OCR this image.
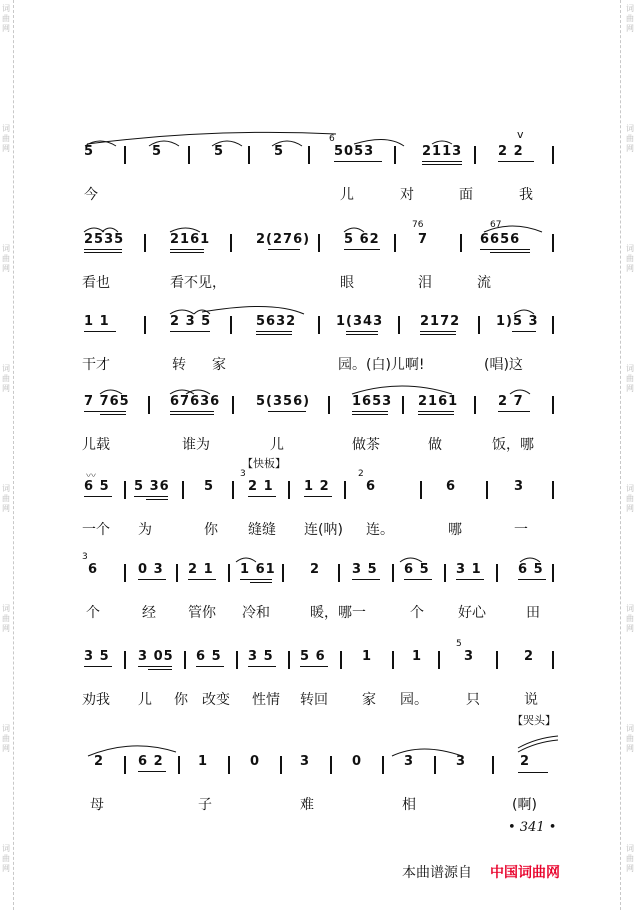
词
曲
网
词
曲
网
词
曲
网
词
曲
网
词
曲
网
词
曲
网
词
曲
网
词
曲
网
词
曲
网
词
曲
网
词
曲
网
词
曲
网
词
曲
网
词
曲
网
词
曲
网
词
曲
网
5	5	5	5
6
5053	2113
v
2 2
今	儿	对	面	我
2535	2161	2(276)	5 62
76
7
67
6656
看也	看不见，	眼	泪	流
1 1	2 3 5	5632	1(343	2172	1)5 3
干才	转 家	园。(白)儿啊!	(唱)这
7 765	67636	5(356)	1653 2161	2 7
儿载	谁为	儿	做茶	做	饭，哪
【快板】
〰
6 5 5 36	5
3
2 1 1 2
2
6	6	3
一个 为	你 缝缝 连(呐) 连。	哪	一
3
6	0 3 2 1 1 61	2 3 5 6 5 3 1	6 5
个	经 管你 冷和	暖，哪一	个 好心	田
3 5 3 05 6 5 3 5 5 6	1	1
5
3	2
劝我 儿 你 改变 性情 转回 家 园。	只	说
【哭头】
2	6 2	1	0	3	0	3	3	2
母	子	难	相	(啊)
• 341 •
本曲谱源自 中国词曲网
